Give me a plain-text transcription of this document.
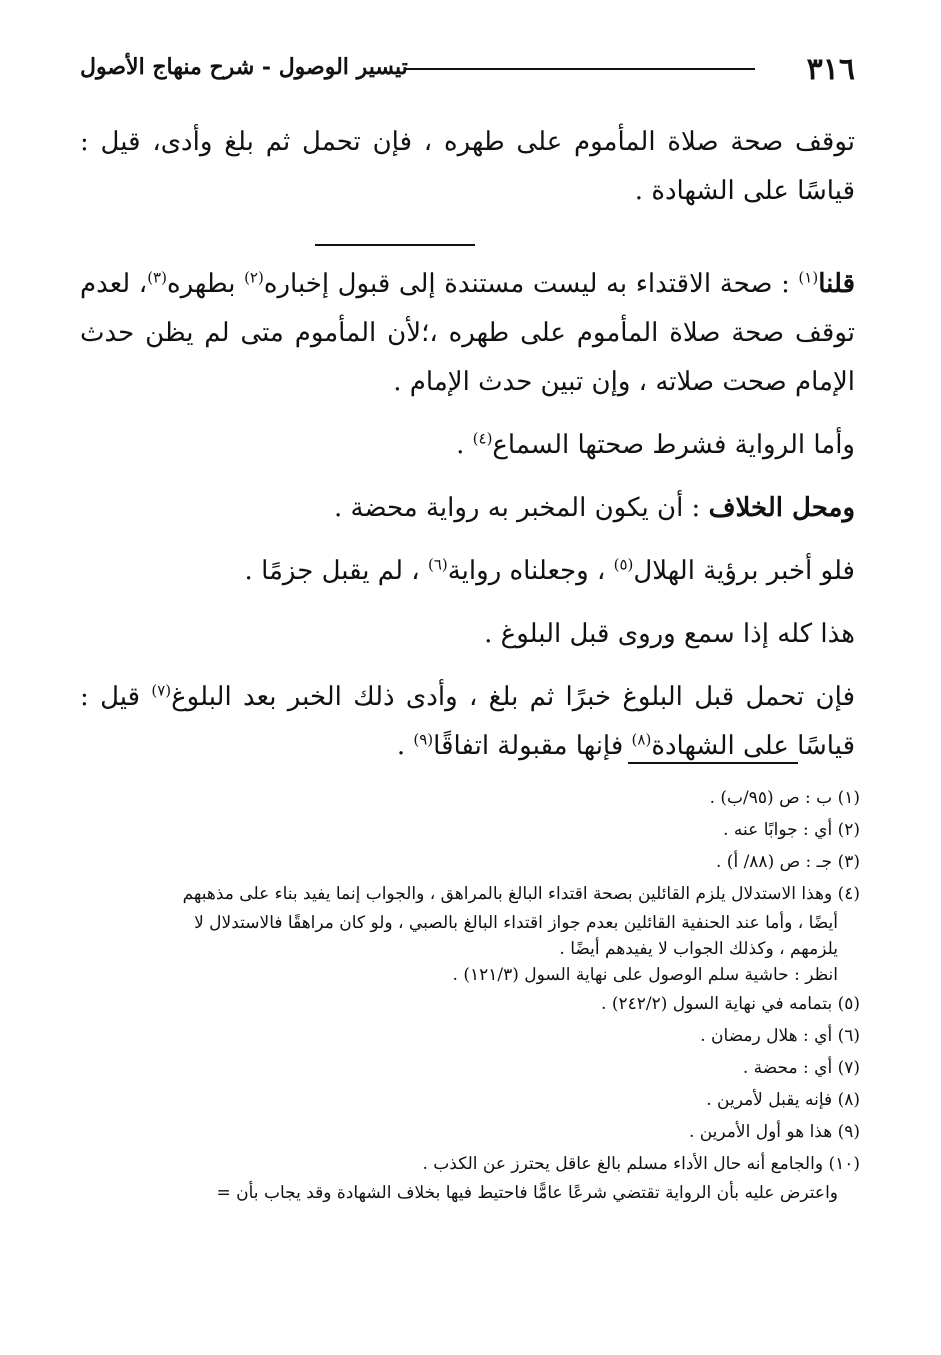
٣١٦
تيسير الوصول - شرح منهاج الأصول

توقف صحة صلاة المأموم على طهره ، فإن تحمل ثم بلغ وأدى، قيل : قياسًا على الشهادة .

قلنا$^{(١)}$ : صحة الاقتداء به ليست مستندة إلى قبول إخباره$^{(٢)}$ بطهره$^{(٣)}$، لعدم توقف صحة صلاة المأموم على طهره ،؛لأن المأموم متى لم يظن حدث الإمام صحت صلاته ، وإن تبين حدث الإمام .

وأما الرواية فشرط صحتها السماع$^{(٤)}$ .

ومحل الخلاف : أن يكون المخبر به رواية محضة .

فلو أخبر برؤية الهلال$^{(٥)}$ ، وجعلناه رواية$^{(٦)}$ ، لم يقبل جزمًا .

هذا كله إذا سمع وروى قبل البلوغ .

فإن تحمل قبل البلوغ خبرًا ثم بلغ ، وأدى ذلك الخبر بعد البلوغ$^{(٧)}$ قيل : قياسًا على الشهادة$^{(٨)}$ فإنها مقبولة اتفاقًا$^{(٩)}$ .

(١) ب : ص (٩٥/ب) .

(٢) أي : جوابًا عنه .

(٣) جـ : ص (٨٨/ أ) .

(٤) وهذا الاستدلال يلزم القائلين بصحة اقتداء البالغ بالمراهق ، والجواب إنما يفيد بناء على مذهبهم

أيضًا ، وأما عند الحنفية القائلين بعدم جواز اقتداء البالغ بالصبي ، ولو كان مراهقًا فالاستدلال لا

يلزمهم ، وكذلك الجواب لا يفيدهم أيضًا .

انظر : حاشية سلم الوصول على نهاية السول (١٢١/٣) .

(٥) بتمامه في نهاية السول (٢٤٢/٢) .

(٦) أي : هلال رمضان .

(٧) أي : محضة .

(٨) فإنه يقبل لأمرين .

(٩) هذا هو أول الأمرين .

(١٠) والجامع أنه حال الأداء مسلم بالغ عاقل يحترز عن الكذب .

واعترض عليه بأن الرواية تقتضي شرعًا عامًّا فاحتيط فيها بخلاف الشهادة وقد يجاب بأن =
